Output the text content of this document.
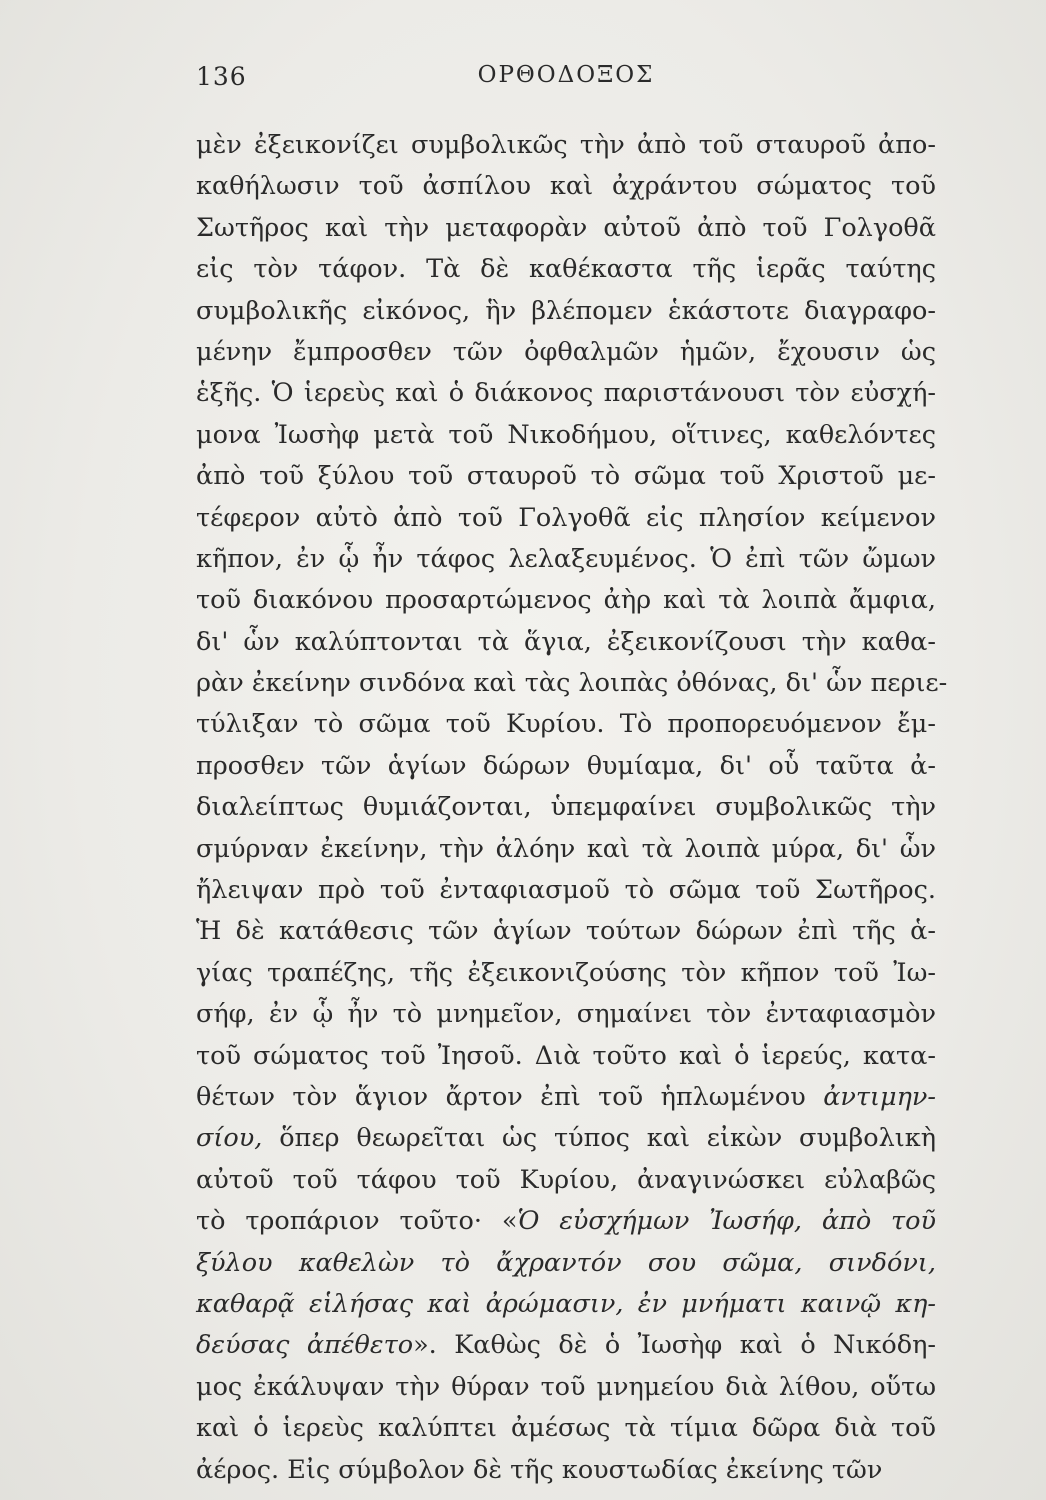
136	ΟΡΘΟΔΟΞΟΣ
μὲν ἐξεικονίζει συμβολικῶς τὴν ἀπὸ τοῦ σταυροῦ ἀπο-
καθήλωσιν τοῦ ἀσπίλου καὶ ἀχράντου σώματος τοῦ
Σωτῆρος καὶ τὴν μεταφορὰν αὐτοῦ ἀπὸ τοῦ Γολγοθᾶ
εἰς τὸν τάφον. Τὰ δὲ καθέκαστα τῆς ἱερᾶς ταύτης
συμβολικῆς εἰκόνος, ἣν βλέπομεν ἑκάστοτε διαγραφο-
μένην ἔμπροσθεν τῶν ὀφθαλμῶν ἡμῶν, ἔχουσιν ὡς
ἑξῆς. Ὁ ἱερεὺς καὶ ὁ διάκονος παριστάνουσι τὸν εὐσχή-
μονα Ἰωσὴφ μετὰ τοῦ Νικοδήμου, οἵτινες, καθελόντες
ἀπὸ τοῦ ξύλου τοῦ σταυροῦ τὸ σῶμα τοῦ Χριστοῦ με-
τέφερον αὐτὸ ἀπὸ τοῦ Γολγοθᾶ εἰς πλησίον κείμενον
κῆπον, ἐν ᾧ ἦν τάφος λελαξευμένος. Ὁ ἐπὶ τῶν ὤμων
τοῦ διακόνου προσαρτώμενος ἀὴρ καὶ τὰ λοιπὰ ἄμφια,
δι' ὧν καλύπτονται τὰ ἅγια, ἐξεικονίζουσι τὴν καθα-
ρὰν ἐκείνην σινδόνα καὶ τὰς λοιπὰς ὀθόνας, δι' ὧν περιε-
τύλιξαν τὸ σῶμα τοῦ Κυρίου. Τὸ προπορευόμενον ἔμ-
προσθεν τῶν ἁγίων δώρων θυμίαμα, δι' οὗ ταῦτα ἀ-
διαλείπτως θυμιάζονται, ὑπεμφαίνει συμβολικῶς τὴν
σμύρναν ἐκείνην, τὴν ἀλόην καὶ τὰ λοιπὰ μύρα, δι' ὧν
ἤλειψαν πρὸ τοῦ ἐνταφιασμοῦ τὸ σῶμα τοῦ Σωτῆρος.
Ἡ δὲ κατάθεσις τῶν ἁγίων τούτων δώρων ἐπὶ τῆς ἁ-
γίας τραπέζης, τῆς ἐξεικονιζούσης τὸν κῆπον τοῦ Ἰω-
σήφ, ἐν ᾧ ἦν τὸ μνημεῖον, σημαίνει τὸν ἐνταφιασμὸν
τοῦ σώματος τοῦ Ἰησοῦ. Διὰ τοῦτο καὶ ὁ ἱερεύς, κατα-
θέτων τὸν ἅγιον ἄρτον ἐπὶ τοῦ ἡπλωμένου ἀντιμην-
σίου, ὅπερ θεωρεῖται ὡς τύπος καὶ εἰκὼν συμβολικὴ
αὐτοῦ τοῦ τάφου τοῦ Κυρίου, ἀναγινώσκει εὐλαβῶς
τὸ τροπάριον τοῦτο· «Ὁ εὐσχήμων Ἰωσήφ, ἀπὸ τοῦ
ξύλου καθελὼν τὸ ἄχραντόν σου σῶμα, σινδόνι,
καθαρᾷ εἱλήσας καὶ ἀρώμασιν, ἐν μνήματι καινῷ κη-
δεύσας ἀπέθετο». Καθὼς δὲ ὁ Ἰωσὴφ καὶ ὁ Νικόδη-
μος ἐκάλυψαν τὴν θύραν τοῦ μνημείου διὰ λίθου, οὕτω
καὶ ὁ ἱερεὺς καλύπτει ἀμέσως τὰ τίμια δῶρα διὰ τοῦ
ἀέρος. Εἰς σύμβολον δὲ τῆς κουστωδίας ἐκείνης τῶν
